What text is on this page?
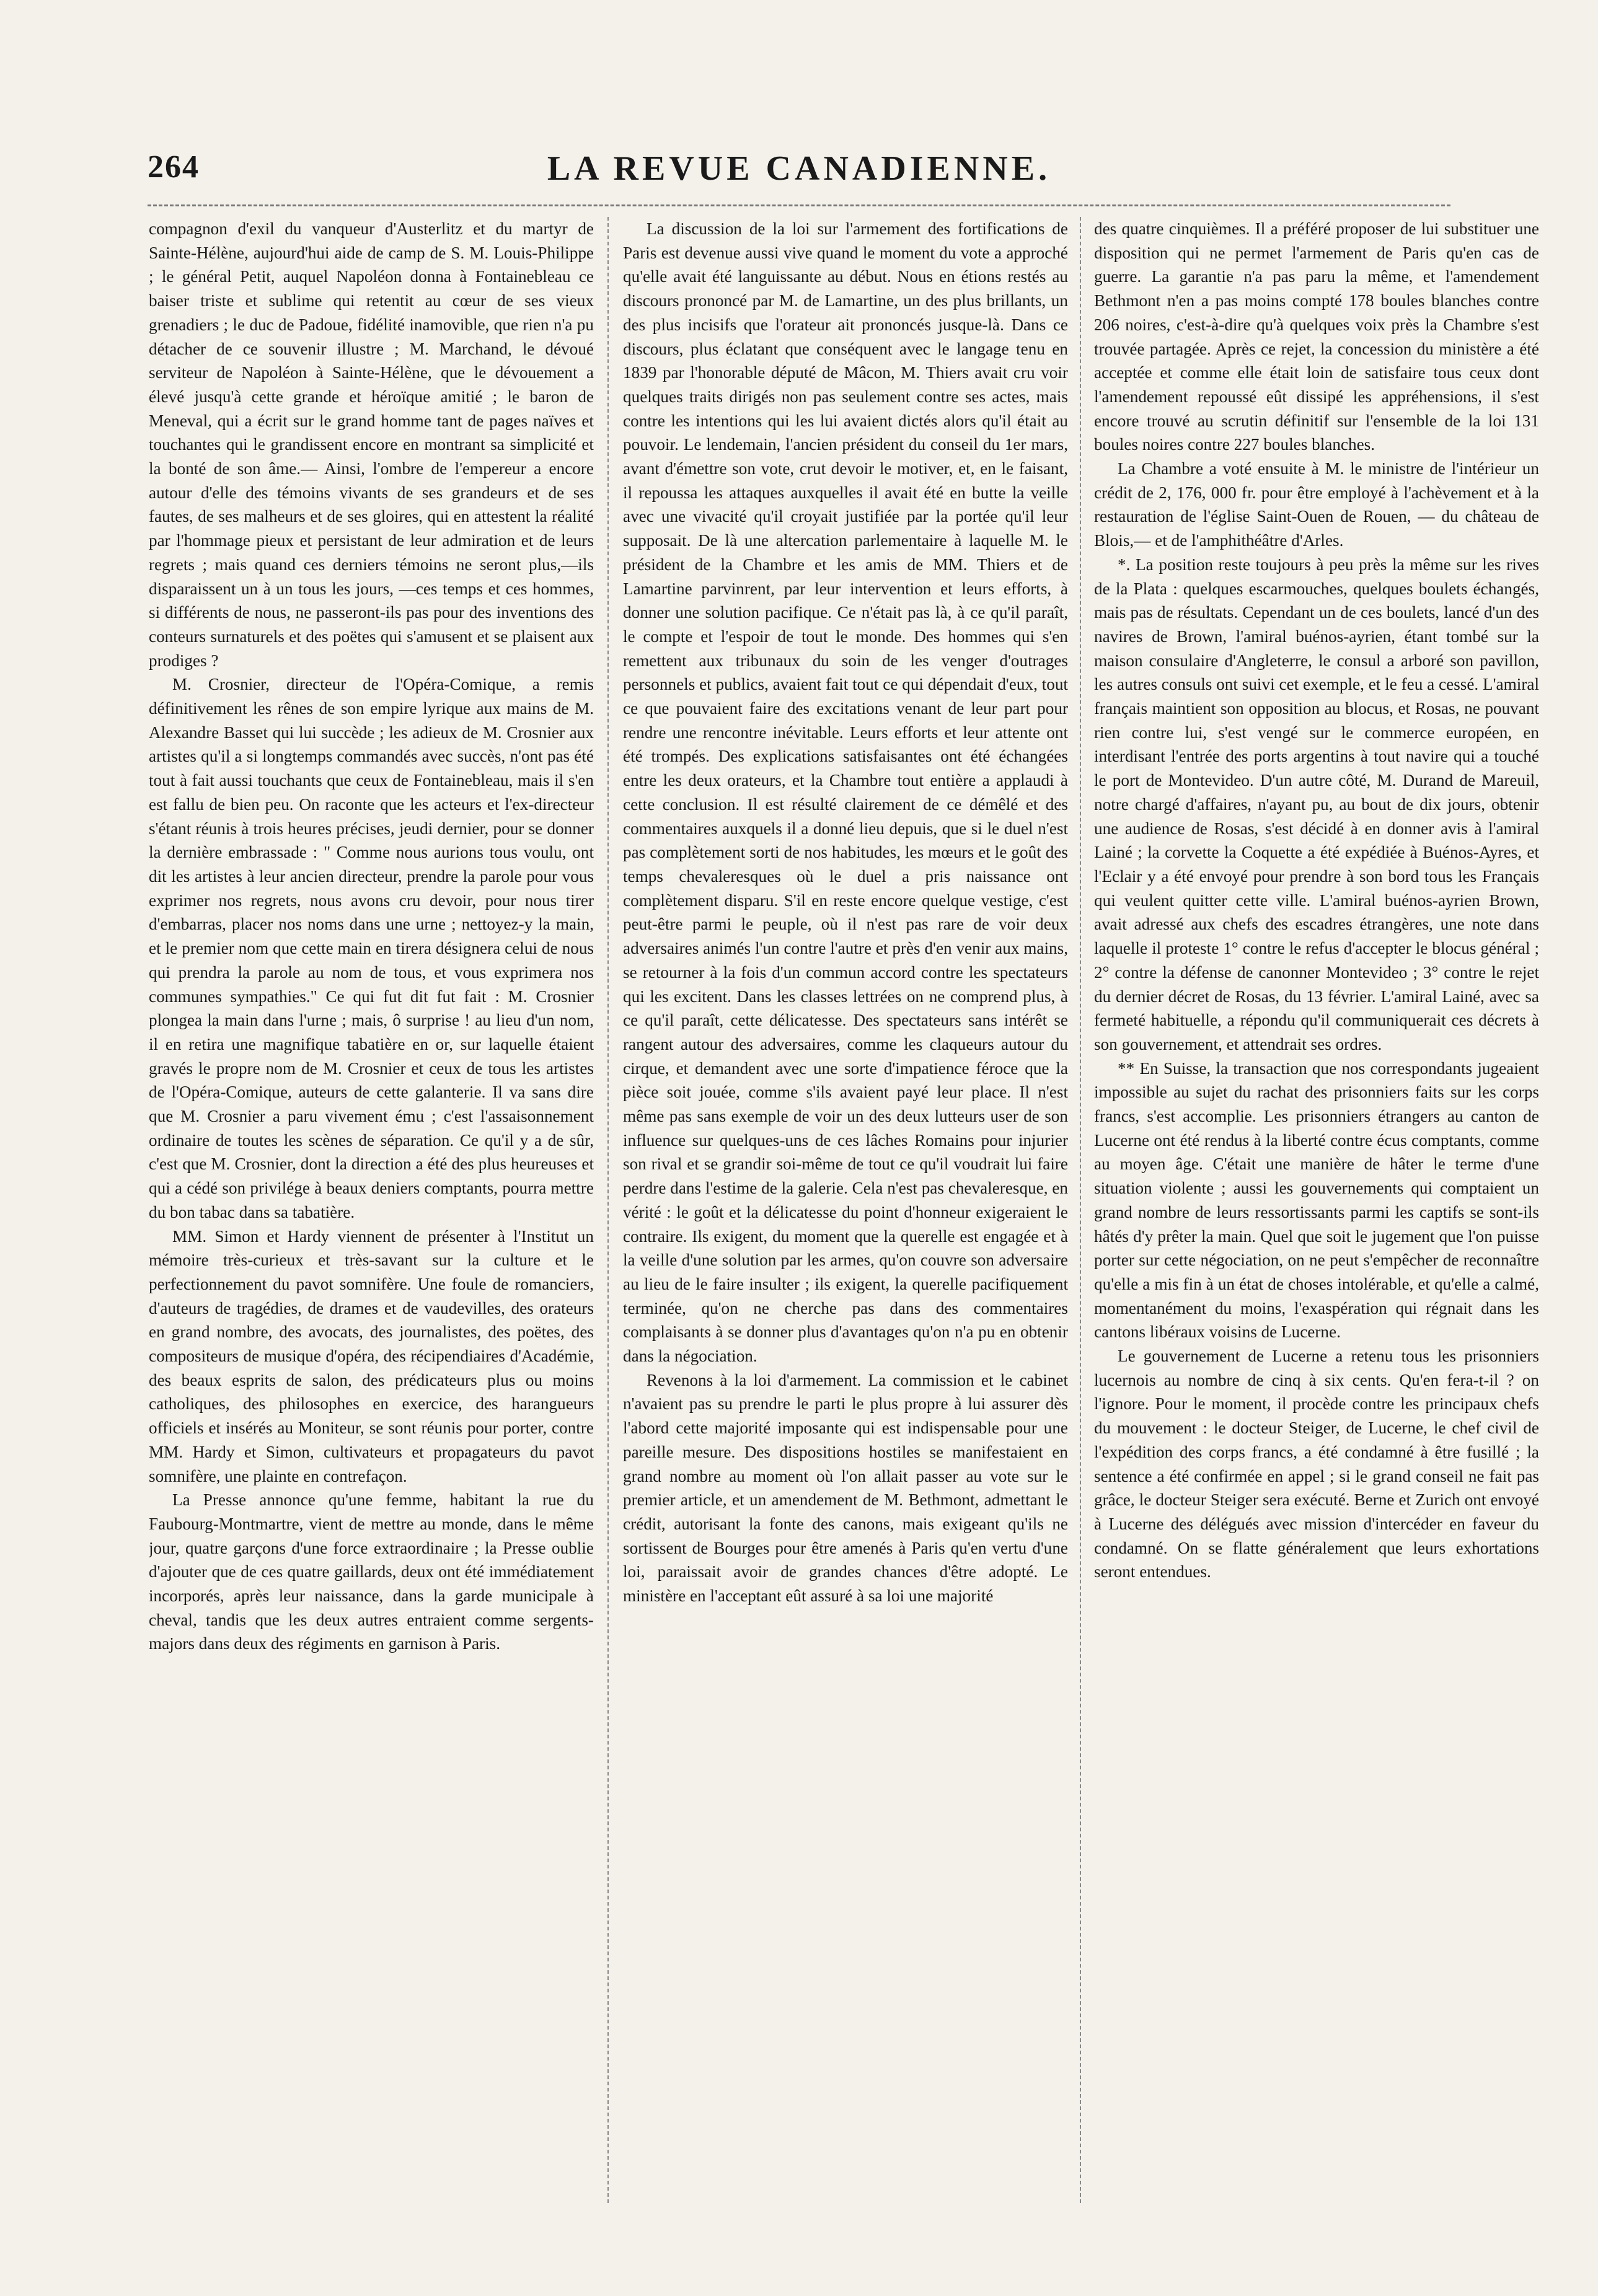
264	LA REVUE CANADIENNE.

compagnon d'exil du vanqueur d'Austerlitz et du martyr de Sainte-Hélène, aujourd'hui aide de camp de S. M. Louis-Philippe ; le général Petit, auquel Napoléon donna à Fontainebleau ce baiser triste et sublime qui retentit au cœur de ses vieux grenadiers ; le duc de Padoue, fidélité inamovible, que rien n'a pu détacher de ce souvenir illustre ; M. Marchand, le dévoué serviteur de Napoléon à Sainte-Hélène, que le dévouement a élevé jusqu'à cette grande et héroïque amitié ; le baron de Meneval, qui a écrit sur le grand homme tant de pages naïves et touchantes qui le grandissent encore en montrant sa simplicité et la bonté de son âme.— Ainsi, l'ombre de l'empereur a encore autour d'elle des témoins vivants de ses grandeurs et de ses fautes, de ses malheurs et de ses gloires, qui en attestent la réalité par l'hommage pieux et persistant de leur admiration et de leurs regrets ; mais quand ces derniers témoins ne seront plus,—ils disparaissent un à un tous les jours, —ces temps et ces hommes, si différents de nous, ne passeront-ils pas pour des inventions des conteurs surnaturels et des poëtes qui s'amusent et se plaisent aux prodiges ?

M. Crosnier, directeur de l'Opéra-Comique, a remis définitivement les rênes de son empire lyrique aux mains de M. Alexandre Basset qui lui succède ; les adieux de M. Crosnier aux artistes qu'il a si longtemps commandés avec succès, n'ont pas été tout à fait aussi touchants que ceux de Fontainebleau, mais il s'en est fallu de bien peu. On raconte que les acteurs et l'ex-directeur s'étant réunis à trois heures précises, jeudi dernier, pour se donner la dernière embrassade : " Comme nous aurions tous voulu, ont dit les artistes à leur ancien directeur, prendre la parole pour vous exprimer nos regrets, nous avons cru devoir, pour nous tirer d'embarras, placer nos noms dans une urne ; nettoyez-y la main, et le premier nom que cette main en tirera désignera celui de nous qui prendra la parole au nom de tous, et vous exprimera nos communes sympathies." Ce qui fut dit fut fait : M. Crosnier plongea la main dans l'urne ; mais, ô surprise ! au lieu d'un nom, il en retira une magnifique tabatière en or, sur laquelle étaient gravés le propre nom de M. Crosnier et ceux de tous les artistes de l'Opéra-Comique, auteurs de cette galanterie. Il va sans dire que M. Crosnier a paru vivement ému ; c'est l'assaisonnement ordinaire de toutes les scènes de séparation. Ce qu'il y a de sûr, c'est que M. Crosnier, dont la direction a été des plus heureuses et qui a cédé son privilége à beaux deniers comptants, pourra mettre du bon tabac dans sa tabatière.

MM. Simon et Hardy viennent de présenter à l'Institut un mémoire très-curieux et très-savant sur la culture et le perfectionnement du pavot somnifère. Une foule de romanciers, d'auteurs de tragédies, de drames et de vaudevilles, des orateurs en grand nombre, des avocats, des journalistes, des poëtes, des compositeurs de musique d'opéra, des récipendiaires d'Académie, des beaux esprits de salon, des prédicateurs plus ou moins catholiques, des philosophes en exercice, des harangueurs officiels et insérés au Moniteur, se sont réunis pour porter, contre MM. Hardy et Simon, cultivateurs et propagateurs du pavot somnifère, une plainte en contrefaçon.

La Presse annonce qu'une femme, habitant la rue du Faubourg-Montmartre, vient de mettre au monde, dans le même jour, quatre garçons d'une force extraordinaire ; la Presse oublie d'ajouter que de ces quatre gaillards, deux ont été immédiatement incorporés, après leur naissance, dans la garde municipale à cheval, tandis que les deux autres entraient comme sergents-majors dans deux des régiments en garnison à Paris.

La discussion de la loi sur l'armement des fortifications de Paris est devenue aussi vive quand le moment du vote a approché qu'elle avait été languissante au début. Nous en étions restés au discours prononcé par M. de Lamartine, un des plus brillants, un des plus incisifs que l'orateur ait prononcés jusque-là. Dans ce discours, plus éclatant que conséquent avec le langage tenu en 1839 par l'honorable député de Mâcon, M. Thiers avait cru voir quelques traits dirigés non pas seulement contre ses actes, mais contre les intentions qui les lui avaient dictés alors qu'il était au pouvoir. Le lendemain, l'ancien président du conseil du 1er mars, avant d'émettre son vote, crut devoir le motiver, et, en le faisant, il repoussa les attaques auxquelles il avait été en butte la veille avec une vivacité qu'il croyait justifiée par la portée qu'il leur supposait. De là une altercation parlementaire à laquelle M. le président de la Chambre et les amis de MM. Thiers et de Lamartine parvinrent, par leur intervention et leurs efforts, à donner une solution pacifique. Ce n'était pas là, à ce qu'il paraît, le compte et l'espoir de tout le monde. Des hommes qui s'en remettent aux tribunaux du soin de les venger d'outrages personnels et publics, avaient fait tout ce qui dépendait d'eux, tout ce que pouvaient faire des excitations venant de leur part pour rendre une rencontre inévitable. Leurs efforts et leur attente ont été trompés. Des explications satisfaisantes ont été échangées entre les deux orateurs, et la Chambre tout entière a applaudi à cette conclusion. Il est résulté clairement de ce démêlé et des commentaires auxquels il a donné lieu depuis, que si le duel n'est pas complètement sorti de nos habitudes, les mœurs et le goût des temps chevaleresques où le duel a pris naissance ont complètement disparu. S'il en reste encore quelque vestige, c'est peut-être parmi le peuple, où il n'est pas rare de voir deux adversaires animés l'un contre l'autre et près d'en venir aux mains, se retourner à la fois d'un commun accord contre les spectateurs qui les excitent. Dans les classes lettrées on ne comprend plus, à ce qu'il paraît, cette délicatesse. Des spectateurs sans intérêt se rangent autour des adversaires, comme les claqueurs autour du cirque, et demandent avec une sorte d'impatience féroce que la pièce soit jouée, comme s'ils avaient payé leur place. Il n'est même pas sans exemple de voir un des deux lutteurs user de son influence sur quelques-uns de ces lâches Romains pour injurier son rival et se grandir soi-même de tout ce qu'il voudrait lui faire perdre dans l'estime de la galerie. Cela n'est pas chevaleresque, en vérité : le goût et la délicatesse du point d'honneur exigeraient le contraire. Ils exigent, du moment que la querelle est engagée et à la veille d'une solution par les armes, qu'on couvre son adversaire au lieu de le faire insulter ; ils exigent, la querelle pacifiquement terminée, qu'on ne cherche pas dans des commentaires complaisants à se donner plus d'avantages qu'on n'a pu en obtenir dans la négociation.

Revenons à la loi d'armement. La commission et le cabinet n'avaient pas su prendre le parti le plus propre à lui assurer dès l'abord cette majorité imposante qui est indispensable pour une pareille mesure. Des dispositions hostiles se manifestaient en grand nombre au moment où l'on allait passer au vote sur le premier article, et un amendement de M. Bethmont, admettant le crédit, autorisant la fonte des canons, mais exigeant qu'ils ne sortissent de Bourges pour être amenés à Paris qu'en vertu d'une loi, paraissait avoir de grandes chances d'être adopté. Le ministère en l'acceptant eût assuré à sa loi une majorité

des quatre cinquièmes. Il a préféré proposer de lui substituer une disposition qui ne permet l'armement de Paris qu'en cas de guerre. La garantie n'a pas paru la même, et l'amendement Bethmont n'en a pas moins compté 178 boules blanches contre 206 noires, c'est-à-dire qu'à quelques voix près la Chambre s'est trouvée partagée. Après ce rejet, la concession du ministère a été acceptée et comme elle était loin de satisfaire tous ceux dont l'amendement repoussé eût dissipé les appréhensions, il s'est encore trouvé au scrutin définitif sur l'ensemble de la loi 131 boules noires contre 227 boules blanches.

La Chambre a voté ensuite à M. le ministre de l'intérieur un crédit de 2, 176, 000 fr. pour être employé à l'achèvement et à la restauration de l'église Saint-Ouen de Rouen, — du château de Blois,— et de l'amphithéâtre d'Arles.

*. La position reste toujours à peu près la même sur les rives de la Plata : quelques escarmouches, quelques boulets échangés, mais pas de résultats. Cependant un de ces boulets, lancé d'un des navires de Brown, l'amiral buénos-ayrien, étant tombé sur la maison consulaire d'Angleterre, le consul a arboré son pavillon, les autres consuls ont suivi cet exemple, et le feu a cessé. L'amiral français maintient son opposition au blocus, et Rosas, ne pouvant rien contre lui, s'est vengé sur le commerce européen, en interdisant l'entrée des ports argentins à tout navire qui a touché le port de Montevideo. D'un autre côté, M. Durand de Mareuil, notre chargé d'affaires, n'ayant pu, au bout de dix jours, obtenir une audience de Rosas, s'est décidé à en donner avis à l'amiral Lainé ; la corvette la Coquette a été expédiée à Buénos-Ayres, et l'Eclair y a été envoyé pour prendre à son bord tous les Français qui veulent quitter cette ville. L'amiral buénos-ayrien Brown, avait adressé aux chefs des escadres étrangères, une note dans laquelle il proteste 1° contre le refus d'accepter le blocus général ; 2° contre la défense de canonner Montevideo ; 3° contre le rejet du dernier décret de Rosas, du 13 février. L'amiral Lainé, avec sa fermeté habituelle, a répondu qu'il communiquerait ces décrets à son gouvernement, et attendrait ses ordres.

** En Suisse, la transaction que nos correspondants jugeaient impossible au sujet du rachat des prisonniers faits sur les corps francs, s'est accomplie. Les prisonniers étrangers au canton de Lucerne ont été rendus à la liberté contre écus comptants, comme au moyen âge. C'était une manière de hâter le terme d'une situation violente ; aussi les gouvernements qui comptaient un grand nombre de leurs ressortissants parmi les captifs se sont-ils hâtés d'y prêter la main. Quel que soit le jugement que l'on puisse porter sur cette négociation, on ne peut s'empêcher de reconnaître qu'elle a mis fin à un état de choses intolérable, et qu'elle a calmé, momentanément du moins, l'exaspération qui régnait dans les cantons libéraux voisins de Lucerne.

Le gouvernement de Lucerne a retenu tous les prisonniers lucernois au nombre de cinq à six cents. Qu'en fera-t-il ? on l'ignore. Pour le moment, il procède contre les principaux chefs du mouvement : le docteur Steiger, de Lucerne, le chef civil de l'expédition des corps francs, a été condamné à être fusillé ; la sentence a été confirmée en appel ; si le grand conseil ne fait pas grâce, le docteur Steiger sera exécuté. Berne et Zurich ont envoyé à Lucerne des délégués avec mission d'intercéder en faveur du condamné. On se flatte généralement que leurs exhortations seront entendues.
